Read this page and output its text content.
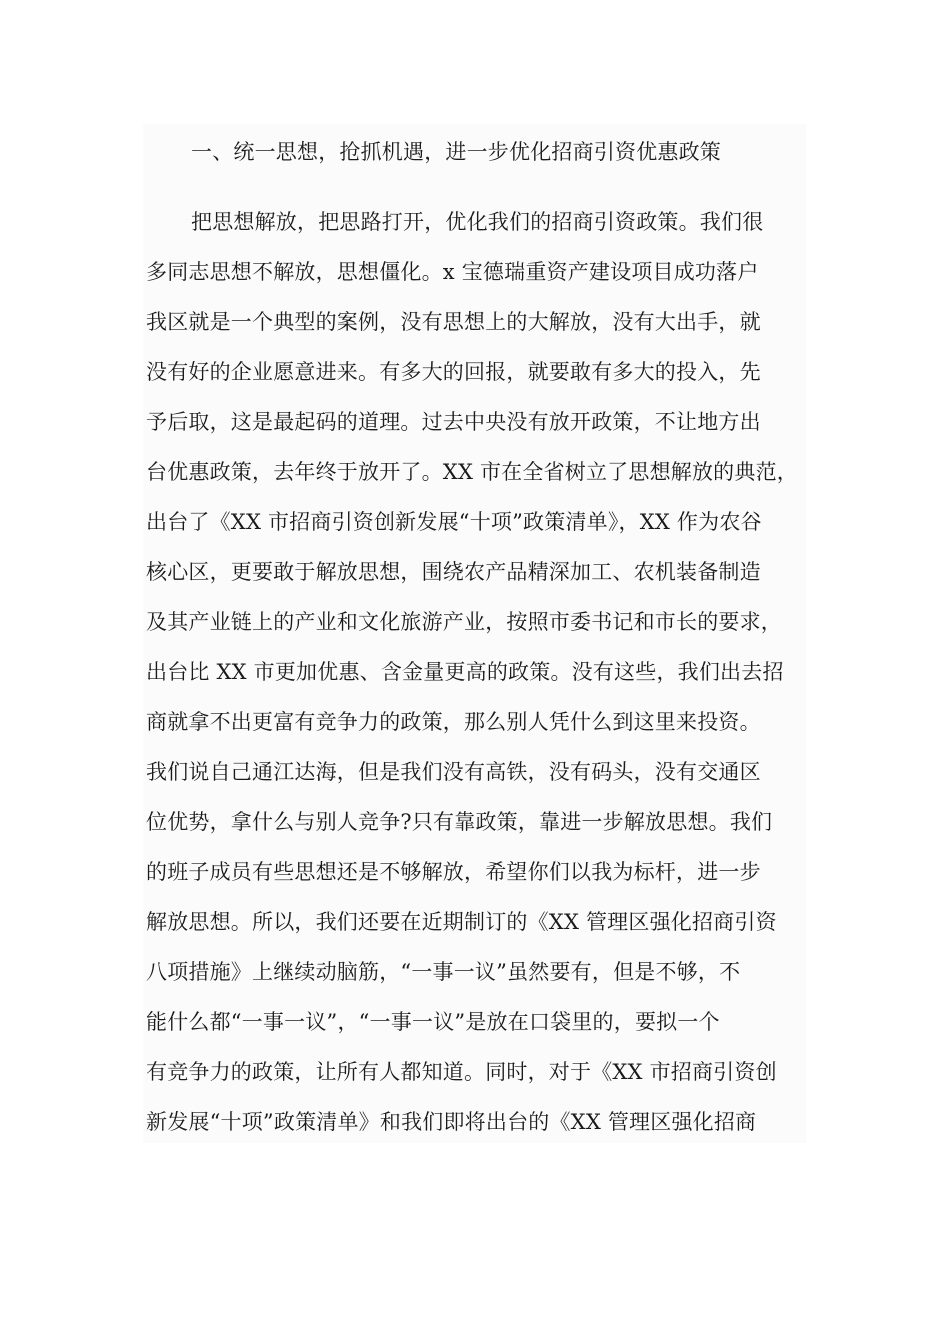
一、统一思想，抢抓机遇，进一步优化招商引资优惠政策
把思想解放，把思路打开，优化我们的招商引资政策。我们很
多同志思想不解放，思想僵化。x 宝德瑞重资产建设项目成功落户
我区就是一个典型的案例，没有思想上的大解放，没有大出手，就
没有好的企业愿意进来。有多大的回报，就要敢有多大的投入，先
予后取，这是最起码的道理。过去中央没有放开政策，不让地方出
台优惠政策，去年终于放开了。XX 市在全省树立了思想解放的典范，
出台了《XX 市招商引资创新发展“十项”政策清单》，XX 作为农谷
核心区，更要敢于解放思想，围绕农产品精深加工、农机装备制造
及其产业链上的产业和文化旅游产业，按照市委书记和市长的要求，
出台比 XX 市更加优惠、含金量更高的政策。没有这些，我们出去招
商就拿不出更富有竞争力的政策，那么别人凭什么到这里来投资。
我们说自己通江达海，但是我们没有高铁，没有码头，没有交通区
位优势，拿什么与别人竞争?只有靠政策，靠进一步解放思想。我们
的班子成员有些思想还是不够解放，希望你们以我为标杆，进一步
解放思想。所以，我们还要在近期制订的《XX 管理区强化招商引资
八项措施》上继续动脑筋，“一事一议”虽然要有，但是不够，不
能什么都“一事一议”，“一事一议”是放在口袋里的，要拟一个
有竞争力的政策，让所有人都知道。同时，对于《XX 市招商引资创
新发展“十项”政策清单》和我们即将出台的《XX 管理区强化招商
